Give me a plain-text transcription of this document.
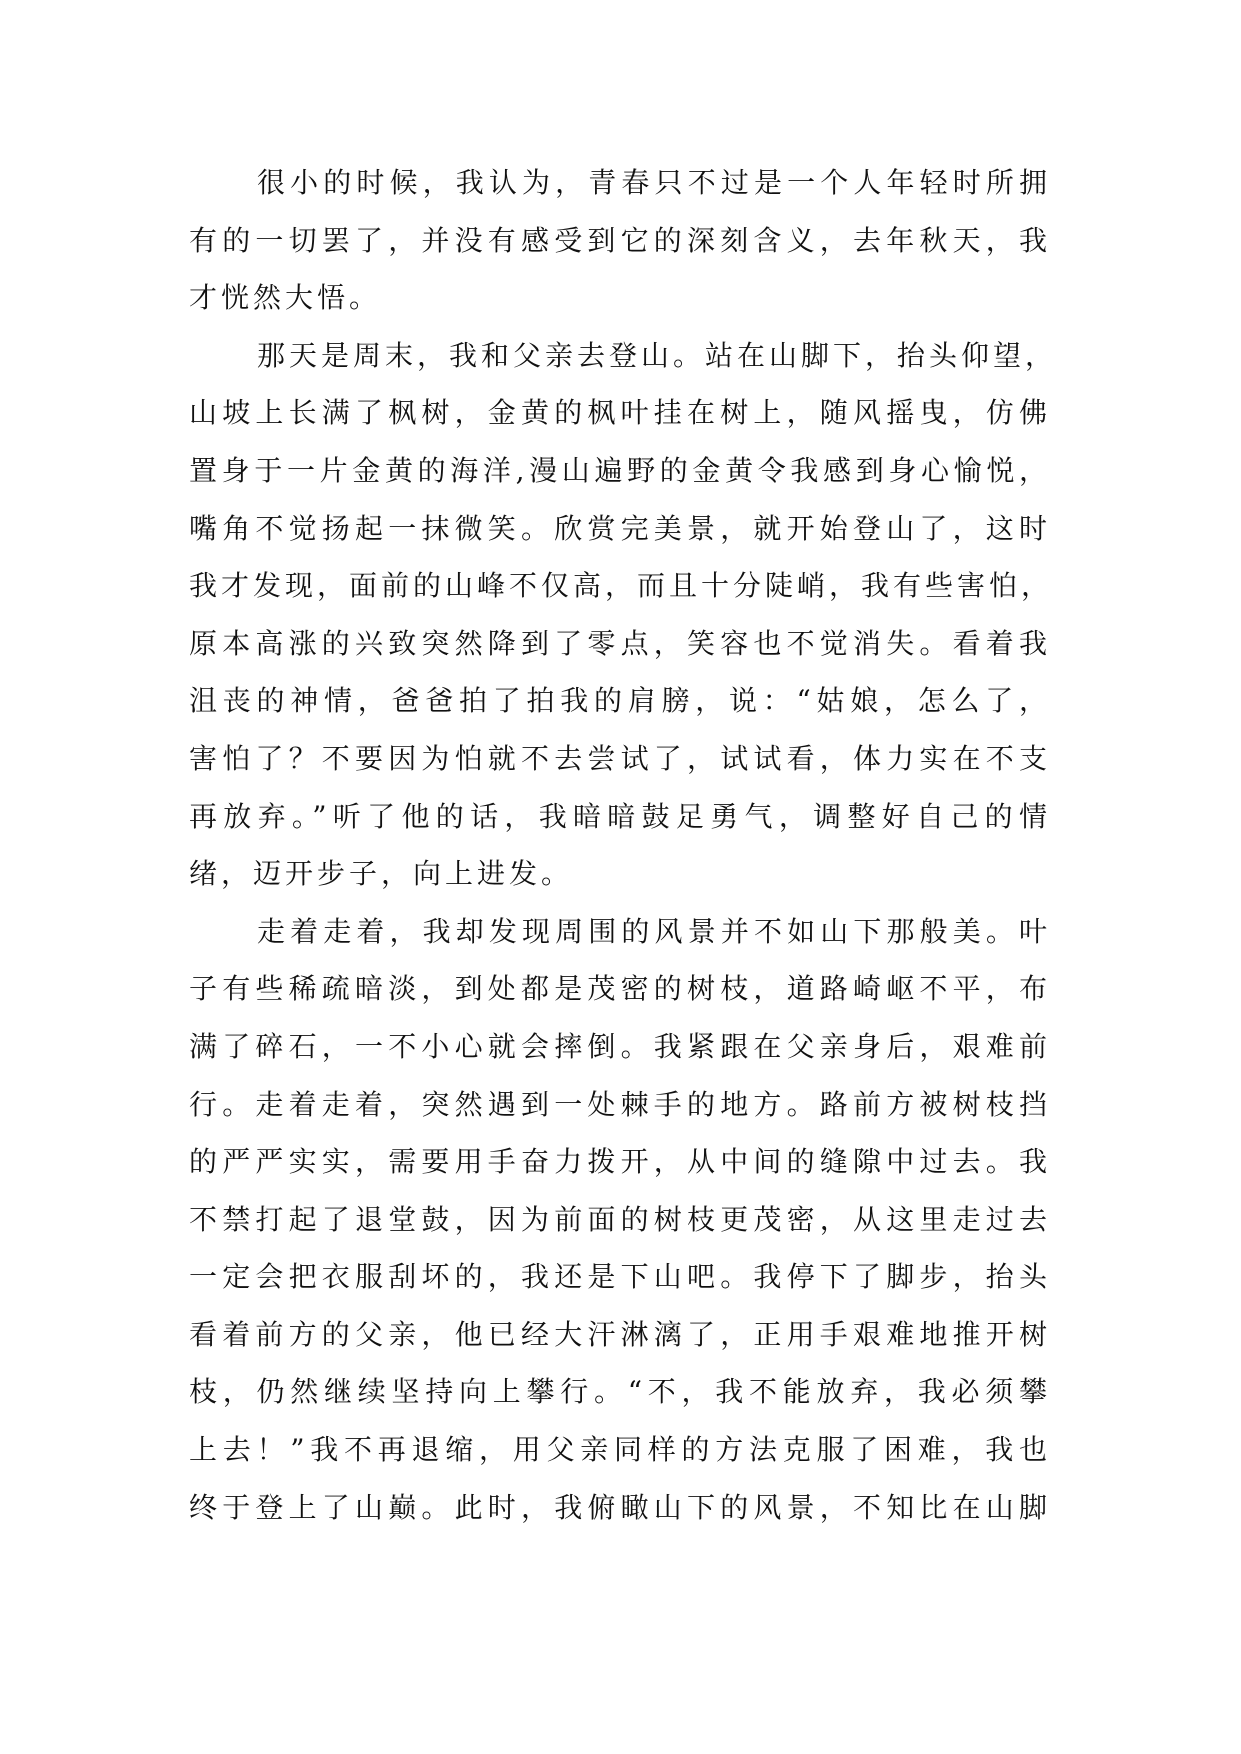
很小的时候，我认为，青春只不过是一个人年轻时所拥
有的一切罢了，并没有感受到它的深刻含义，去年秋天，我
才恍然大悟。
那天是周末，我和父亲去登山。站在山脚下，抬头仰望，
山坡上长满了枫树，金黄的枫叶挂在树上，随风摇曳，仿佛
置身于一片金黄的海洋,漫山遍野的金黄令我感到身心愉悦，
嘴角不觉扬起一抹微笑。欣赏完美景，就开始登山了，这时
我才发现，面前的山峰不仅高，而且十分陡峭，我有些害怕，
原本高涨的兴致突然降到了零点，笑容也不觉消失。看着我
沮丧的神情，爸爸拍了拍我的肩膀，说：“姑娘，怎么了，
害怕了？不要因为怕就不去尝试了，试试看，体力实在不支
再放弃。”听了他的话，我暗暗鼓足勇气，调整好自己的情
绪，迈开步子，向上进发。
走着走着，我却发现周围的风景并不如山下那般美。叶
子有些稀疏暗淡，到处都是茂密的树枝，道路崎岖不平，布
满了碎石，一不小心就会摔倒。我紧跟在父亲身后，艰难前
行。走着走着，突然遇到一处棘手的地方。路前方被树枝挡
的严严实实，需要用手奋力拨开，从中间的缝隙中过去。我
不禁打起了退堂鼓，因为前面的树枝更茂密，从这里走过去
一定会把衣服刮坏的，我还是下山吧。我停下了脚步，抬头
看着前方的父亲，他已经大汗淋漓了，正用手艰难地推开树
枝，仍然继续坚持向上攀行。“不，我不能放弃，我必须攀
上去！”我不再退缩，用父亲同样的方法克服了困难，我也
终于登上了山巅。此时，我俯瞰山下的风景，不知比在山脚
